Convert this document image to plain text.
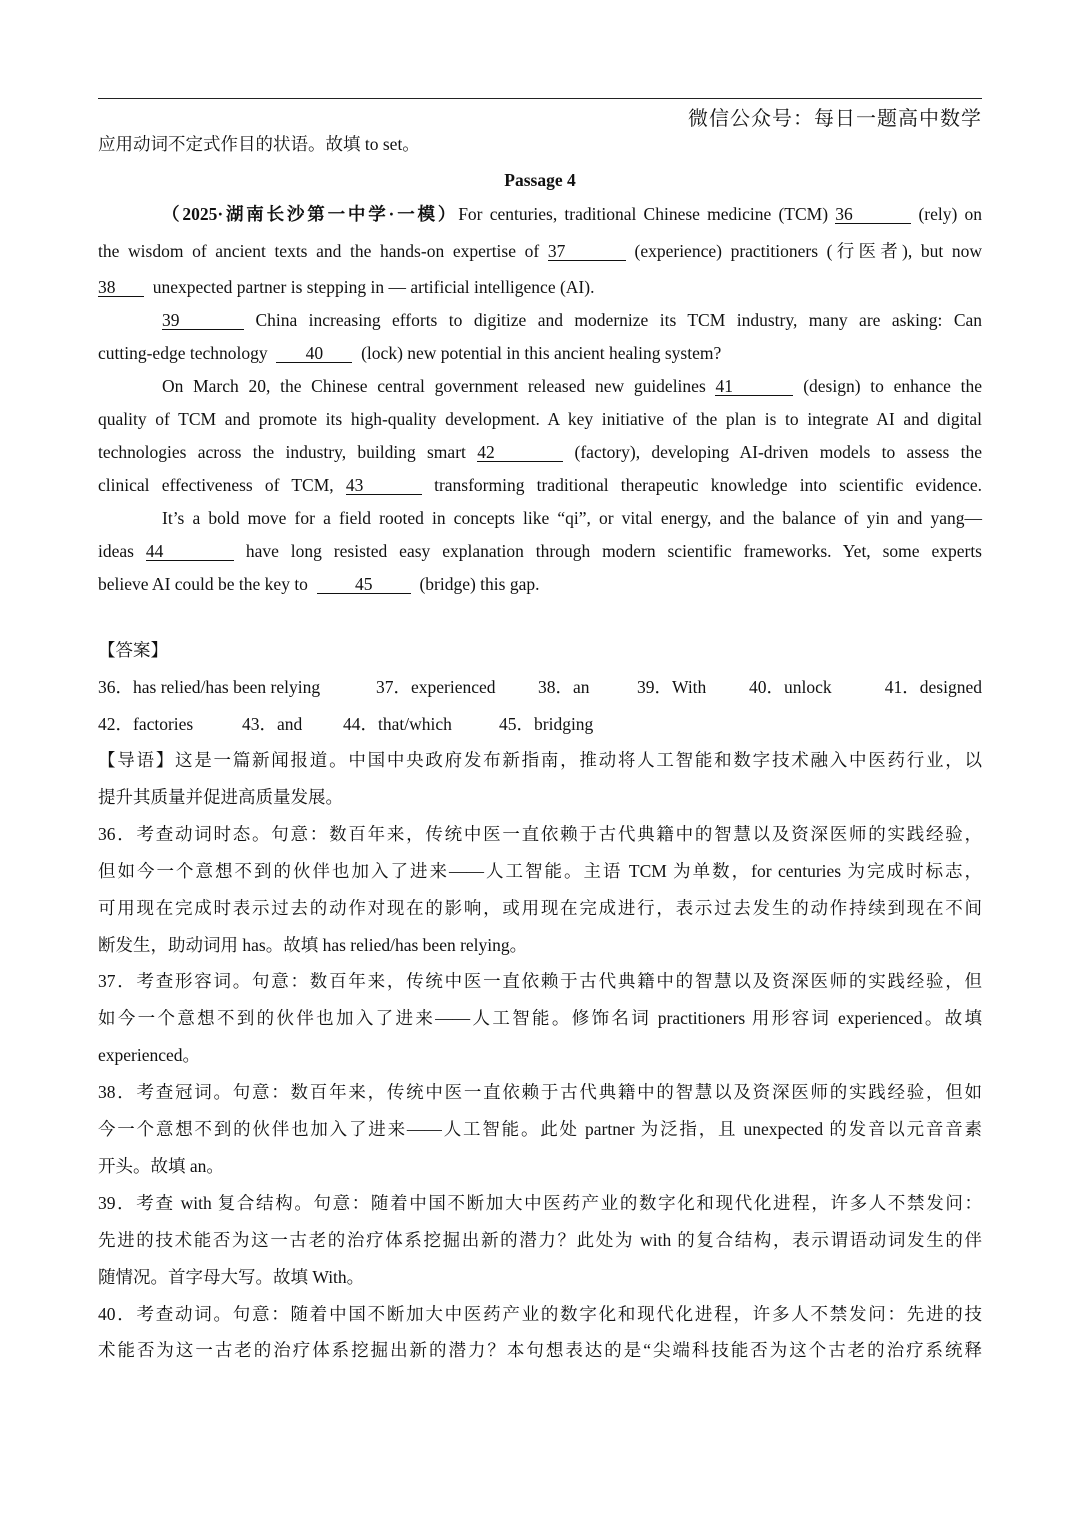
微信公众号：每日一题高中数学
应用动词不定式作目的状语。故填 to set。
Passage 4
（2025·湖南长沙第一中学·一模）For centuries, traditional Chinese medicine (TCM) 36	(rely) on
the wisdom of ancient texts and the hands-on expertise of 37	(experience) practitioners (行医者), but now
38 unexpected partner is stepping in — artificial intelligence (AI).
39	China increasing efforts to digitize and modernize its TCM industry, many are asking: Can
cutting-edge technology 40 (lock) new potential in this ancient healing system?
On March 20, the Chinese central government released new guidelines 41	(design) to enhance the
quality of TCM and promote its high-quality development. A key initiative of the plan is to integrate AI and digital
technologies across the industry, building smart 42	(factory), developing AI-driven models to assess the
clinical effectiveness of TCM, 43	transforming traditional therapeutic knowledge into scientific evidence.
It’s a bold move for a field rooted in concepts like “qi”, or vital energy, and the balance of yin and yang—
ideas 44	have long resisted easy explanation through modern scientific frameworks. Yet, some experts
believe AI could be the key to	45	(bridge) this gap.
【答案】
36．has relied/has been relying	37．experienced 38．an	39．With 40．unlock	41．designed
42．factories	43．and 44．that/which	45．bridging
【导语】这是一篇新闻报道。中国中央政府发布新指南，推动将人工智能和数字技术融入中医药行业，以
提升其质量并促进高质量发展。
36．考查动词时态。句意：数百年来，传统中医一直依赖于古代典籍中的智慧以及资深医师的实践经验，
但如今一个意想不到的伙伴也加入了进来——人工智能。主语 TCM 为单数，for centuries 为完成时标志，
可用现在完成时表示过去的动作对现在的影响，或用现在完成进行，表示过去发生的动作持续到现在不间
断发生，助动词用 has。故填 has relied/has been relying。
37．考查形容词。句意：数百年来，传统中医一直依赖于古代典籍中的智慧以及资深医师的实践经验，但
如今一个意想不到的伙伴也加入了进来——人工智能。修饰名词 practitioners 用形容词 experienced。故填
experienced。
38．考查冠词。句意：数百年来，传统中医一直依赖于古代典籍中的智慧以及资深医师的实践经验，但如
今一个意想不到的伙伴也加入了进来——人工智能。此处 partner 为泛指，且 unexpected 的发音以元音音素
开头。故填 an。
39．考查 with 复合结构。句意：随着中国不断加大中医药产业的数字化和现代化进程，许多人不禁发问：
先进的技术能否为这一古老的治疗体系挖掘出新的潜力？此处为 with 的复合结构，表示谓语动词发生的伴
随情况。首字母大写。故填 With。
40．考查动词。句意：随着中国不断加大中医药产业的数字化和现代化进程，许多人不禁发问：先进的技
术能否为这一古老的治疗体系挖掘出新的潜力？本句想表达的是“尖端科技能否为这个古老的治疗系统释
